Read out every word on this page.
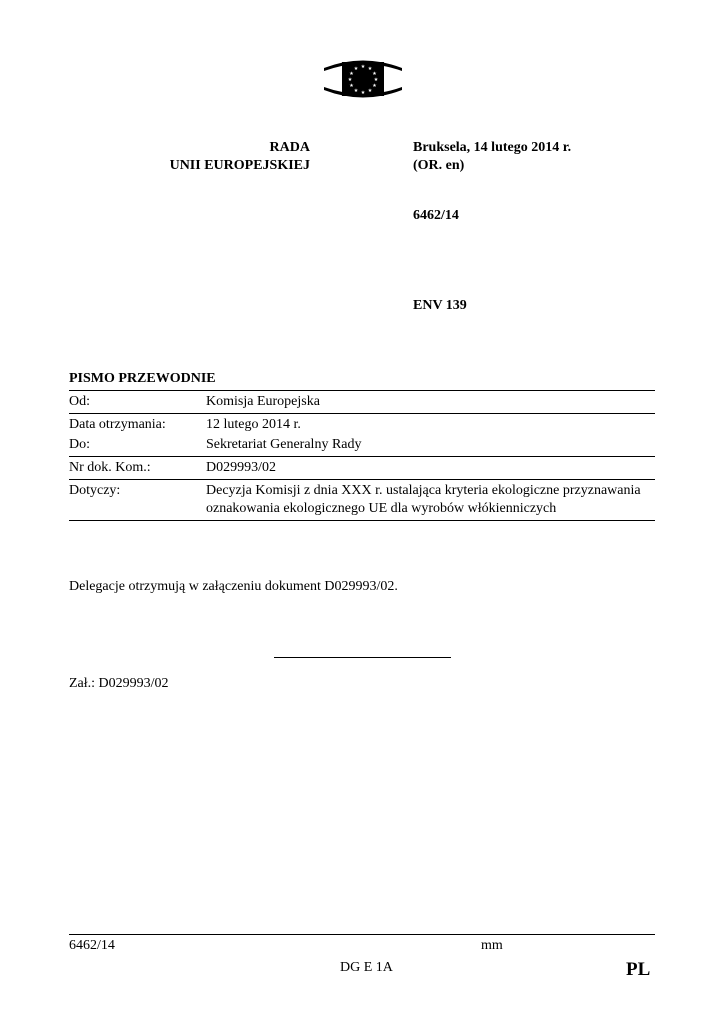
★ ★
★
★
★
★
★
★
★
★
★
★
RADA
UNII EUROPEJSKIEJ
Bruksela, 14 lutego 2014 r.
(OR. en)
6462/14
ENV 139
PISMO PRZEWODNIE
Od:	Komisja Europejska
Data otrzymania:	12 lutego 2014 r.
Do:	Sekretariat Generalny Rady
Nr dok. Kom.:	D029993/02
Dotyczy:	Decyzja Komisji z dnia XXX r. ustalająca kryteria ekologiczne przyznawania oznakowania ekologicznego UE dla wyrobów włókienniczych
Delegacje otrzymują w załączeniu dokument D029993/02.
Zał.: D029993/02
6462/14	mm
DG E 1A	PL
